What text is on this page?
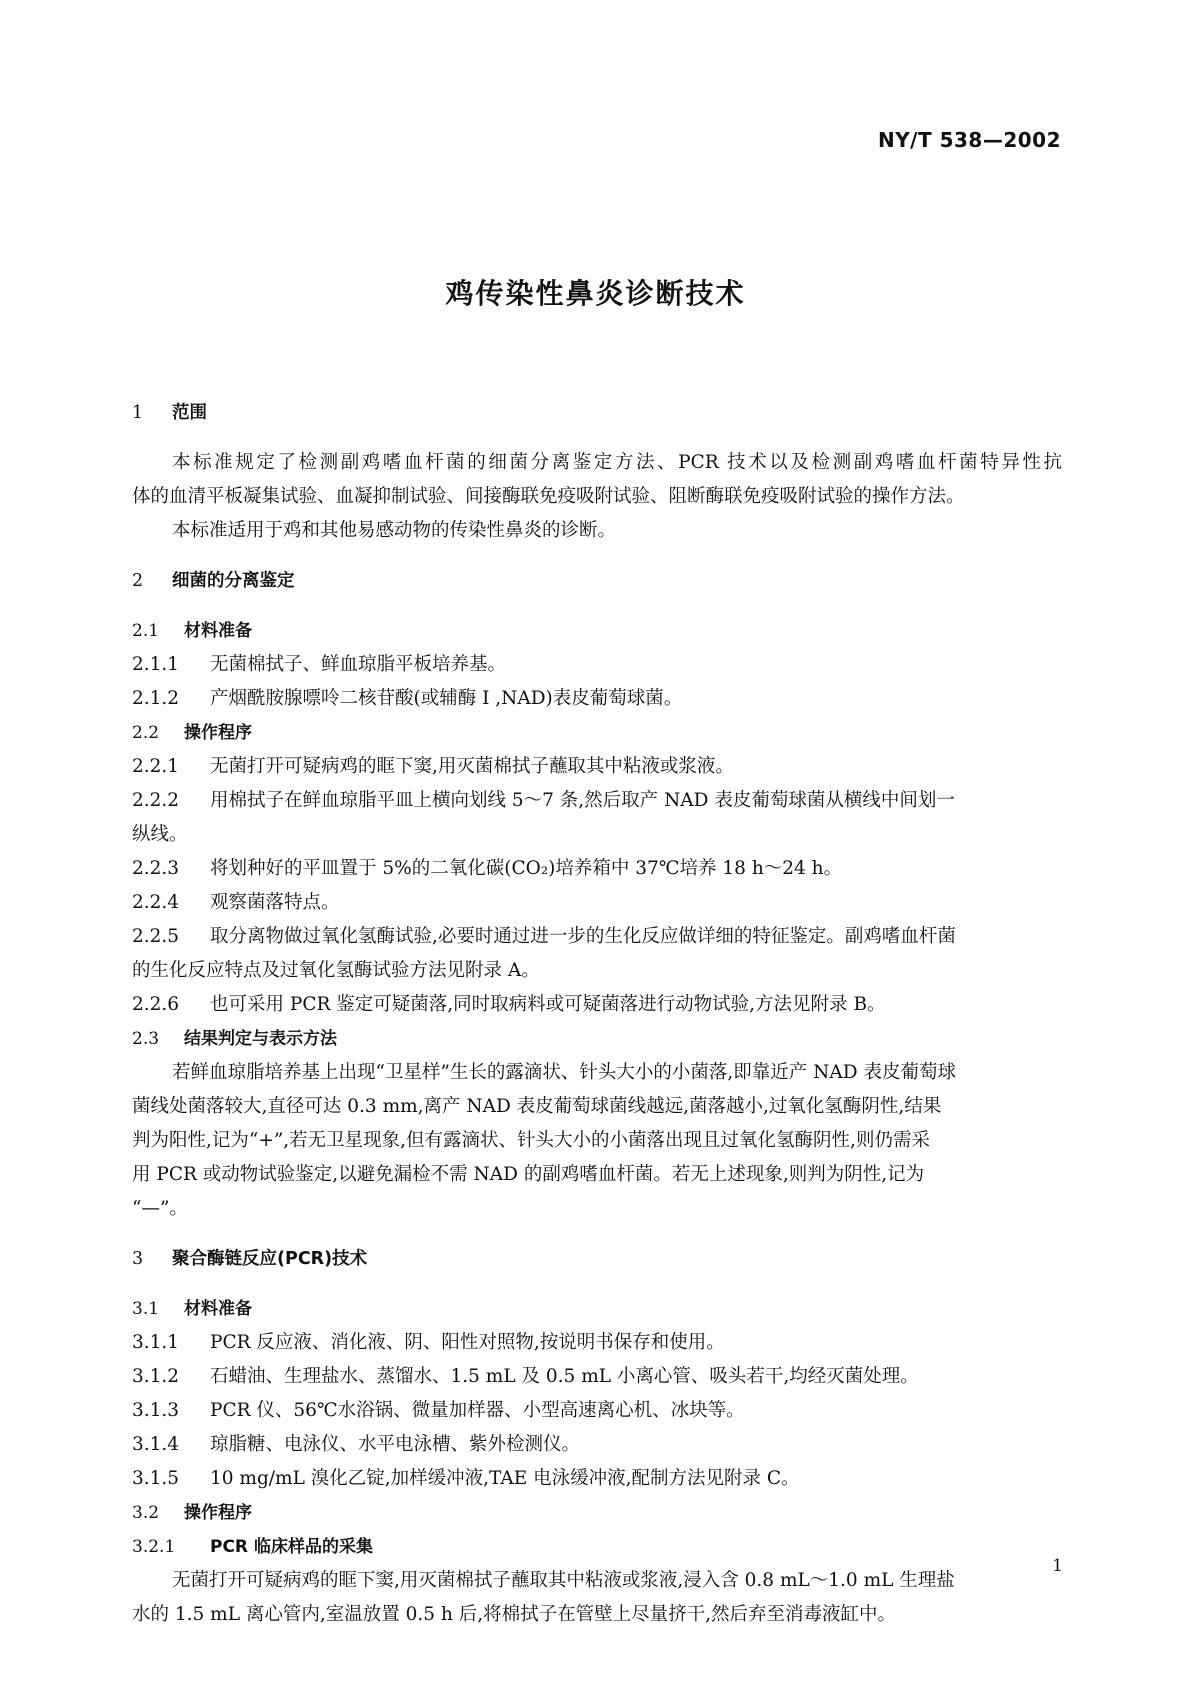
NY/T 538—2002
鸡传染性鼻炎诊断技术
1 范围
本标准规定了检测副鸡嗜血杆菌的细菌分离鉴定方法、PCR 技术以及检测副鸡嗜血杆菌特异性抗
体的血清平板凝集试验、血凝抑制试验、间接酶联免疫吸附试验、阻断酶联免疫吸附试验的操作方法。
本标准适用于鸡和其他易感动物的传染性鼻炎的诊断。
2 细菌的分离鉴定
2.1 材料准备
2.1.1 无菌棉拭子、鲜血琼脂平板培养基。
2.1.2 产烟酰胺腺嘌呤二核苷酸(或辅酶 I ,NAD)表皮葡萄球菌。
2.2 操作程序
2.2.1 无菌打开可疑病鸡的眶下窦,用灭菌棉拭子蘸取其中粘液或浆液。
2.2.2 用棉拭子在鲜血琼脂平皿上横向划线 5～7 条,然后取产 NAD 表皮葡萄球菌从横线中间划一
纵线。
2.2.3 将划种好的平皿置于 5%的二氧化碳(CO₂)培养箱中 37℃培养 18 h～24 h。
2.2.4 观察菌落特点。
2.2.5 取分离物做过氧化氢酶试验,必要时通过进一步的生化反应做详细的特征鉴定。副鸡嗜血杆菌
的生化反应特点及过氧化氢酶试验方法见附录 A。
2.2.6 也可采用 PCR 鉴定可疑菌落,同时取病料或可疑菌落进行动物试验,方法见附录 B。
2.3 结果判定与表示方法
若鲜血琼脂培养基上出现“卫星样”生长的露滴状、针头大小的小菌落,即靠近产 NAD 表皮葡萄球
菌线处菌落较大,直径可达 0.3 mm,离产 NAD 表皮葡萄球菌线越远,菌落越小,过氧化氢酶阴性,结果
判为阳性,记为“+”,若无卫星现象,但有露滴状、针头大小的小菌落出现且过氧化氢酶阴性,则仍需采
用 PCR 或动物试验鉴定,以避免漏检不需 NAD 的副鸡嗜血杆菌。若无上述现象,则判为阴性,记为
“—”。
3 聚合酶链反应(PCR)技术
3.1 材料准备
3.1.1 PCR 反应液、消化液、阴、阳性对照物,按说明书保存和使用。
3.1.2 石蜡油、生理盐水、蒸馏水、1.5 mL 及 0.5 mL 小离心管、吸头若干,均经灭菌处理。
3.1.3 PCR 仪、56℃水浴锅、微量加样器、小型高速离心机、冰块等。
3.1.4 琼脂糖、电泳仪、水平电泳槽、紫外检测仪。
3.1.5 10 mg/mL 溴化乙锭,加样缓冲液,TAE 电泳缓冲液,配制方法见附录 C。
3.2 操作程序
3.2.1 PCR 临床样品的采集
无菌打开可疑病鸡的眶下窦,用灭菌棉拭子蘸取其中粘液或浆液,浸入含 0.8 mL～1.0 mL 生理盐
水的 1.5 mL 离心管内,室温放置 0.5 h 后,将棉拭子在管壁上尽量挤干,然后弃至消毒液缸中。
1
